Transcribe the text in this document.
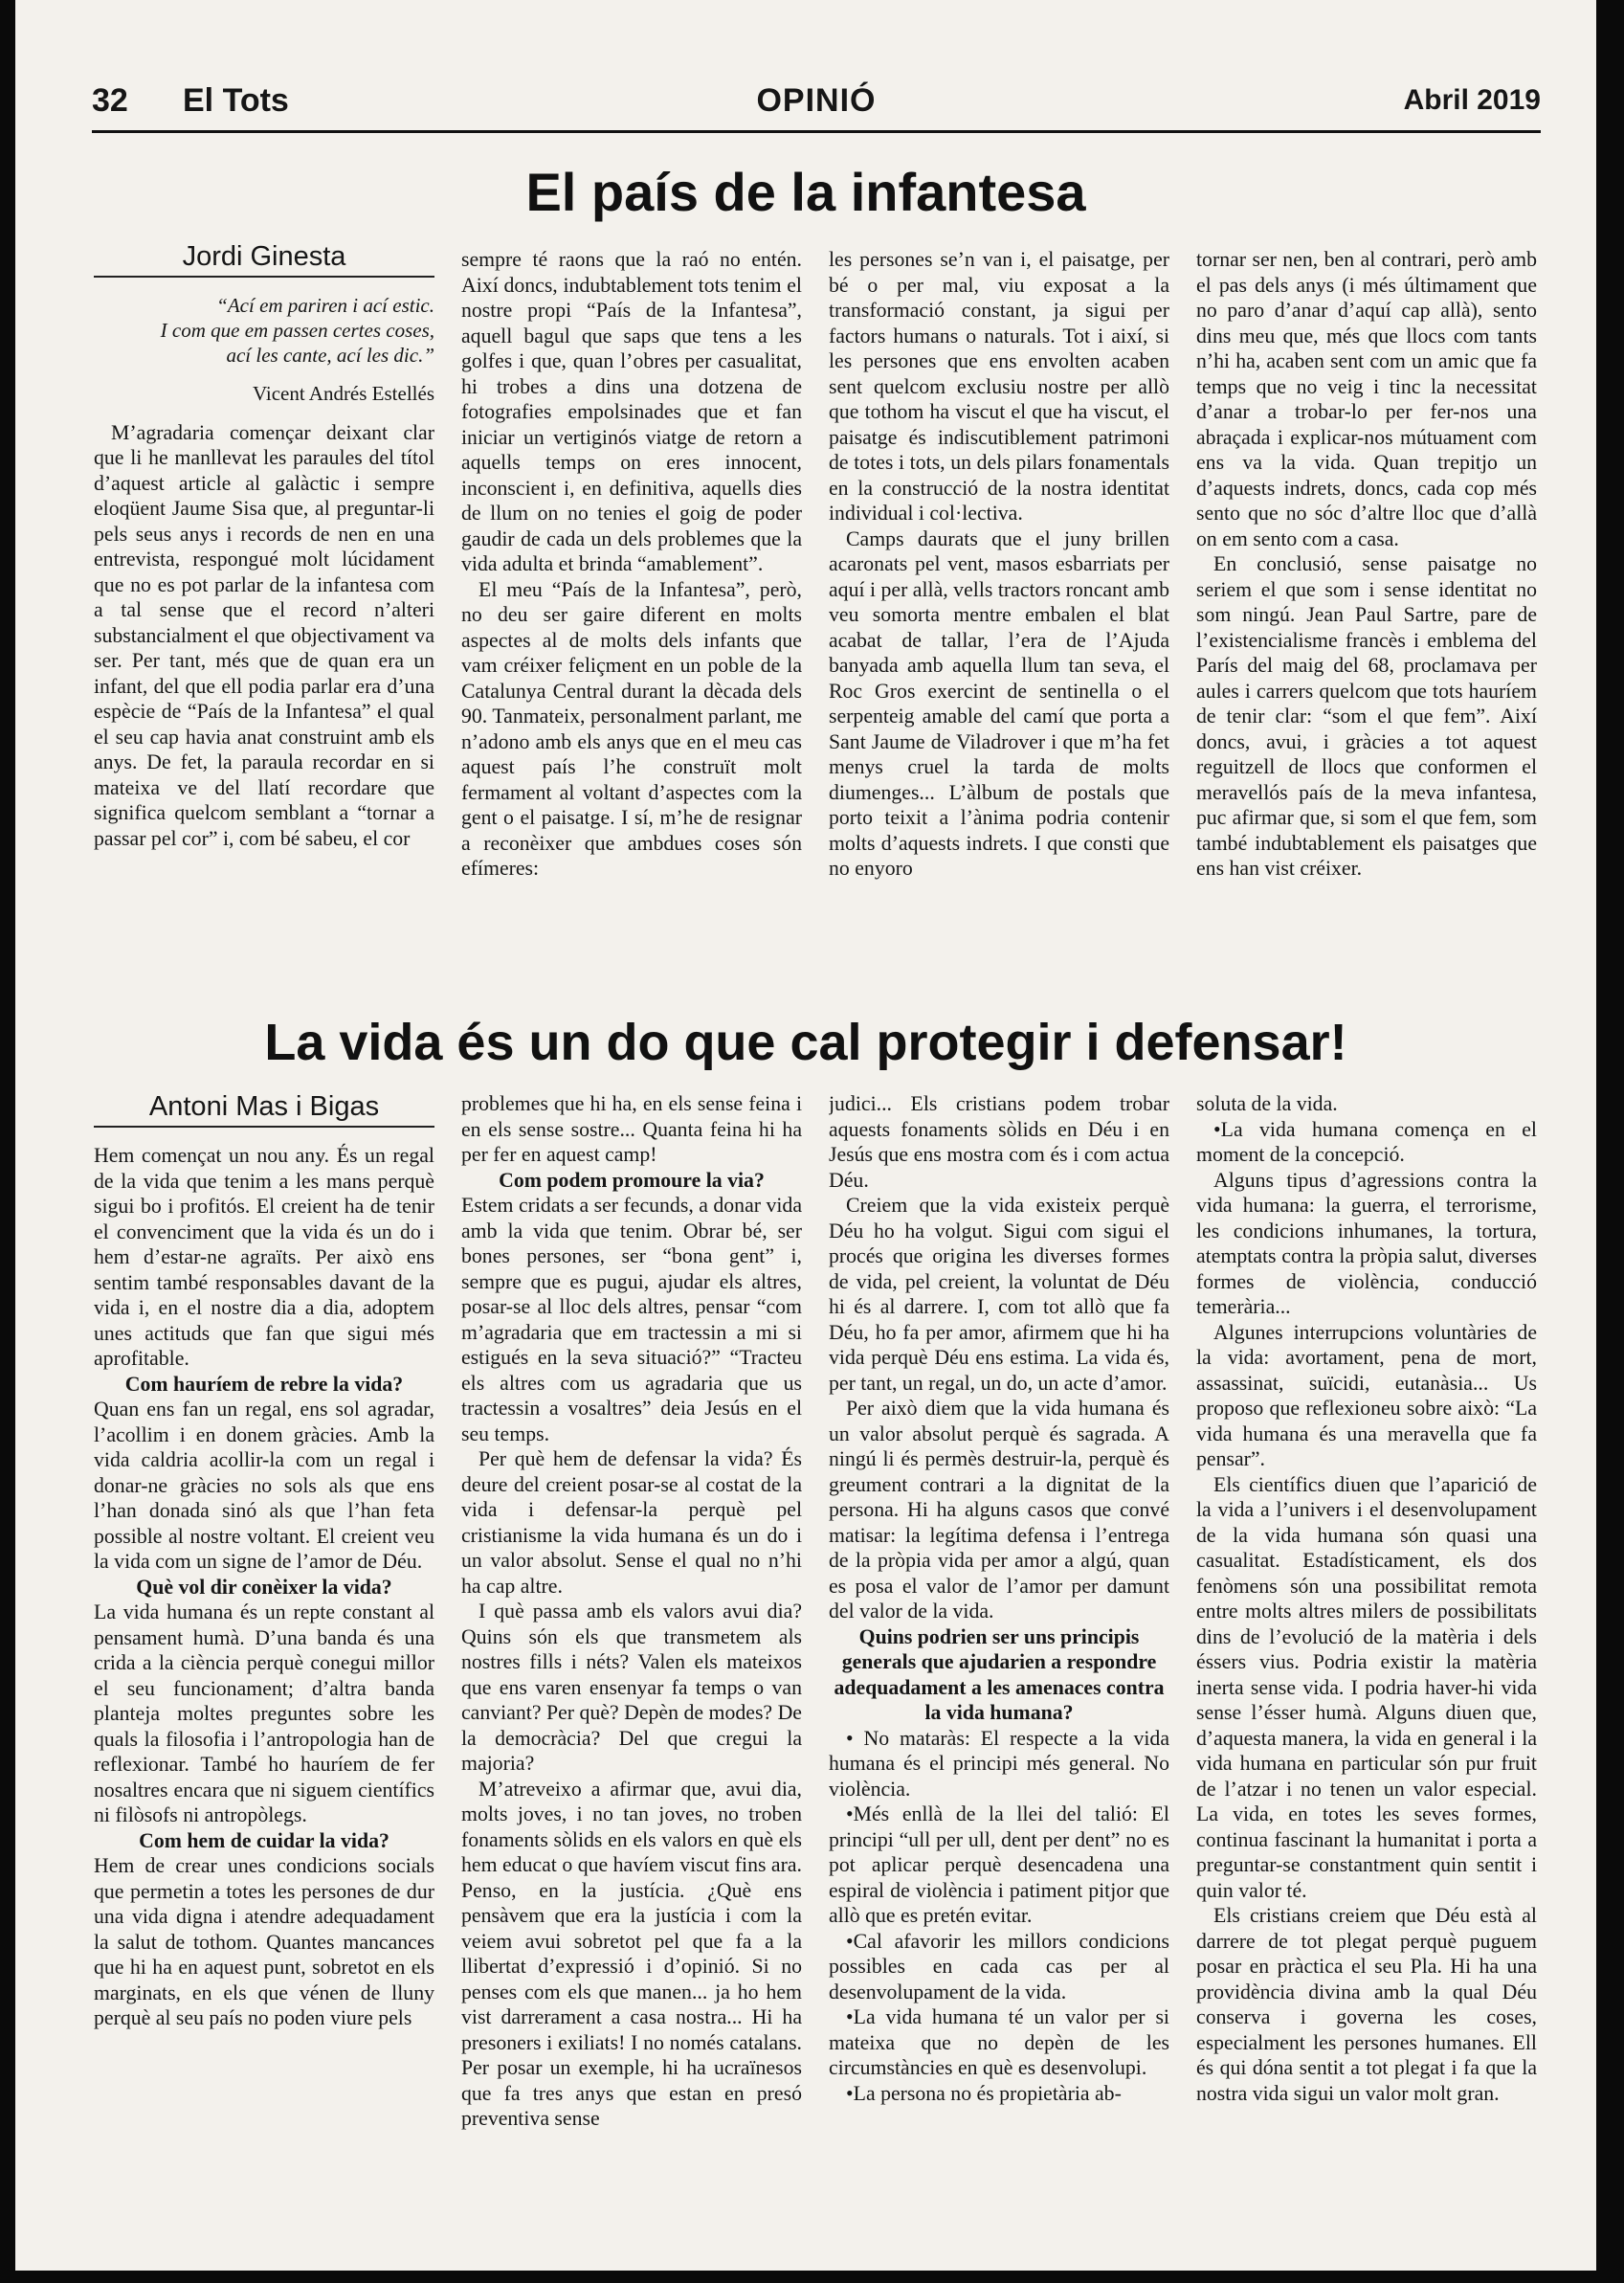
32 El Tots	OPINIÓ	Abril 2019
El país de la infantesa
Jordi Ginesta
“Ací em pariren i ací estic.
I com que em passen certes coses,
ací les cante, ací les dic.”
Vicent Andrés Estellés

M’agradaria començar deixant clar que li he manllevat les paraules del títol d’aquest article al galàctic i sempre eloqüent Jaume Sisa que, al preguntar-li pels seus anys i records de nen en una entrevista, respongué molt lúcidament que no es pot parlar de la infantesa com a tal sense que el record n’alteri substancialment el que objectivament va ser. Per tant, més que de quan era un infant, del que ell podia parlar era d’una espècie de “País de la Infantesa” el qual el seu cap havia anat construint amb els anys. De fet, la paraula recordar en si mateixa ve del llatí recordare que significa quelcom semblant a “tornar a passar pel cor” i, com bé sabeu, el cor

sempre té raons que la raó no entén. Així doncs, indubtablement tots tenim el nostre propi “País de la Infantesa”, aquell bagul que saps que tens a les golfes i que, quan l’obres per casualitat, hi trobes a dins una dotzena de fotografies empolsinades que et fan iniciar un vertiginós viatge de retorn a aquells temps on eres innocent, inconscient i, en definitiva, aquells dies de llum on no tenies el goig de poder gaudir de cada un dels problemes que la vida adulta et brinda “amablement”.

El meu “País de la Infantesa”, però, no deu ser gaire diferent en molts aspectes al de molts dels infants que vam créixer feliçment en un poble de la Catalunya Central durant la dècada dels 90. Tanmateix, personalment parlant, me n’adono amb els anys que en el meu cas aquest país l’he construït molt fermament al voltant d’aspectes com la gent o el paisatge. I sí, m’he de resignar a reconèixer que ambdues coses són efímeres:

les persones se’n van i, el paisatge, per bé o per mal, viu exposat a la transformació constant, ja sigui per factors humans o naturals. Tot i així, si les persones que ens envolten acaben sent quelcom exclusiu nostre per allò que tothom ha viscut el que ha viscut, el paisatge és indiscutiblement patrimoni de totes i tots, un dels pilars fonamentals en la construcció de la nostra identitat individual i col·lectiva.

Camps daurats que el juny brillen acaronats pel vent, masos esbarriats per aquí i per allà, vells tractors roncant amb veu somorta mentre embalen el blat acabat de tallar, l’era de l’Ajuda banyada amb aquella llum tan seva, el Roc Gros exercint de sentinella o el serpenteig amable del camí que porta a Sant Jaume de Viladrover i que m’ha fet menys cruel la tarda de molts diumenges... L’àlbum de postals que porto teixit a l’ànima podria contenir molts d’aquests indrets. I que consti que no enyoro

tornar ser nen, ben al contrari, però amb el pas dels anys (i més últimament que no paro d’anar d’aquí cap allà), sento dins meu que, més que llocs com tants n’hi ha, acaben sent com un amic que fa temps que no veig i tinc la necessitat d’anar a trobar-lo per fer-nos una abraçada i explicar-nos mútuament com ens va la vida. Quan trepitjo un d’aquests indrets, doncs, cada cop més sento que no sóc d’altre lloc que d’allà on em sento com a casa.

En conclusió, sense paisatge no seriem el que som i sense identitat no som ningú. Jean Paul Sartre, pare de l’existencialisme francès i emblema del París del maig del 68, proclamava per aules i carrers quelcom que tots hauríem de tenir clar: “som el que fem”. Així doncs, avui, i gràcies a tot aquest reguitzell de llocs que conformen el meravellós país de la meva infantesa, puc afirmar que, si som el que fem, som també indubtablement els paisatges que ens han vist créixer.

La vida és un do que cal protegir i defensar!
Antoni Mas i Bigas

Hem començat un nou any. És un regal de la vida que tenim a les mans perquè sigui bo i profitós. El creient ha de tenir el convenciment que la vida és un do i hem d’estar-ne agraïts. Per això ens sentim també responsables davant de la vida i, en el nostre dia a dia, adoptem unes actituds que fan que sigui més aprofitable.

Com hauríem de rebre la vida?

Quan ens fan un regal, ens sol agradar, l’acollim i en donem gràcies. Amb la vida caldria acollir-la com un regal i donar-ne gràcies no sols als que ens l’han donada sinó als que l’han feta possible al nostre voltant. El creient veu la vida com un signe de l’amor de Déu.

Què vol dir conèixer la vida?

La vida humana és un repte constant al pensament humà. D’una banda és una crida a la ciència perquè conegui millor el seu funcionament; d’altra banda planteja moltes preguntes sobre les quals la filosofia i l’antropologia han de reflexionar. També ho hauríem de fer nosaltres encara que ni siguem científics ni filòsofs ni antropòlegs.

Com hem de cuidar la vida?

Hem de crear unes condicions socials que permetin a totes les persones de dur una vida digna i atendre adequadament la salut de tothom. Quantes mancances que hi ha en aquest punt, sobretot en els marginats, en els que vénen de lluny perquè al seu país no poden viure pels

problemes que hi ha, en els sense feina i en els sense sostre... Quanta feina hi ha per fer en aquest camp!

Com podem promoure la via?

Estem cridats a ser fecunds, a donar vida amb la vida que tenim. Obrar bé, ser bones persones, ser “bona gent” i, sempre que es pugui, ajudar els altres, posar-se al lloc dels altres, pensar “com m’agradaria que em tractessin a mi si estigués en la seva situació?” “Tracteu els altres com us agradaria que us tractessin a vosaltres” deia Jesús en el seu temps.

Per què hem de defensar la vida? És deure del creient posar-se al costat de la vida i defensar-la perquè pel cristianisme la vida humana és un do i un valor absolut. Sense el qual no n’hi ha cap altre.

I què passa amb els valors avui dia? Quins són els que transmetem als nostres fills i néts? Valen els mateixos que ens varen ensenyar fa temps o van canviant? Per què? Depèn de modes? De la democràcia? Del que cregui la majoria?

M’atreveixo a afirmar que, avui dia, molts joves, i no tan joves, no troben fonaments sòlids en els valors en què els hem educat o que havíem viscut fins ara. Penso, en la justícia. ¿Què ens pensàvem que era la justícia i com la veiem avui sobretot pel que fa a la llibertat d’expressió i d’opinió. Si no penses com els que manen... ja ho hem vist darrerament a casa nostra... Hi ha presoners i exiliats! I no només catalans. Per posar un exemple, hi ha ucraïnesos que fa tres anys que estan en presó preventiva sense

judici... Els cristians podem trobar aquests fonaments sòlids en Déu i en Jesús que ens mostra com és i com actua Déu.

Creiem que la vida existeix perquè Déu ho ha volgut. Sigui com sigui el procés que origina les diverses formes de vida, pel creient, la voluntat de Déu hi és al darrere. I, com tot allò que fa Déu, ho fa per amor, afirmem que hi ha vida perquè Déu ens estima. La vida és, per tant, un regal, un do, un acte d’amor.

Per això diem que la vida humana és un valor absolut perquè és sagrada. A ningú li és permès destruir-la, perquè és greument contrari a la dignitat de la persona. Hi ha alguns casos que convé matisar: la legítima defensa i l’entrega de la pròpia vida per amor a algú, quan es posa el valor de l’amor per damunt del valor de la vida.

Quins podrien ser uns principis generals que ajudarien a respondre adequadament a les amenaces contra la vida humana?

• No mataràs: El respecte a la vida humana és el principi més general. No violència.

•Més enllà de la llei del talió: El principi “ull per ull, dent per dent” no es pot aplicar perquè desencadena una espiral de violència i patiment pitjor que allò que es pretén evitar.

•Cal afavorir les millors condicions possibles en cada cas per al desenvolupament de la vida.

•La vida humana té un valor per si mateixa que no depèn de les circumstàncies en què es desenvolupi.

•La persona no és propietària ab-

soluta de la vida.

•La vida humana comença en el moment de la concepció.

Alguns tipus d’agressions contra la vida humana: la guerra, el terrorisme, les condicions inhumanes, la tortura, atemptats contra la pròpia salut, diverses formes de violència, conducció temerària...

Algunes interrupcions voluntàries de la vida: avortament, pena de mort, assassinat, suïcidi, eutanàsia... Us proposo que reflexioneu sobre això: “La vida humana és una meravella que fa pensar”.

Els científics diuen que l’aparició de la vida a l’univers i el desenvolupament de la vida humana són quasi una casualitat. Estadísticament, els dos fenòmens són una possibilitat remota entre molts altres milers de possibilitats dins de l’evolució de la matèria i dels éssers vius. Podria existir la matèria inerta sense vida. I podria haver-hi vida sense l’ésser humà. Alguns diuen que, d’aquesta manera, la vida en general i la vida humana en particular són pur fruit de l’atzar i no tenen un valor especial. La vida, en totes les seves formes, continua fascinant la humanitat i porta a preguntar-se constantment quin sentit i quin valor té.

Els cristians creiem que Déu està al darrere de tot plegat perquè puguem posar en pràctica el seu Pla. Hi ha una providència divina amb la qual Déu conserva i governa les coses, especialment les persones humanes. Ell és qui dóna sentit a tot plegat i fa que la nostra vida sigui un valor molt gran.
